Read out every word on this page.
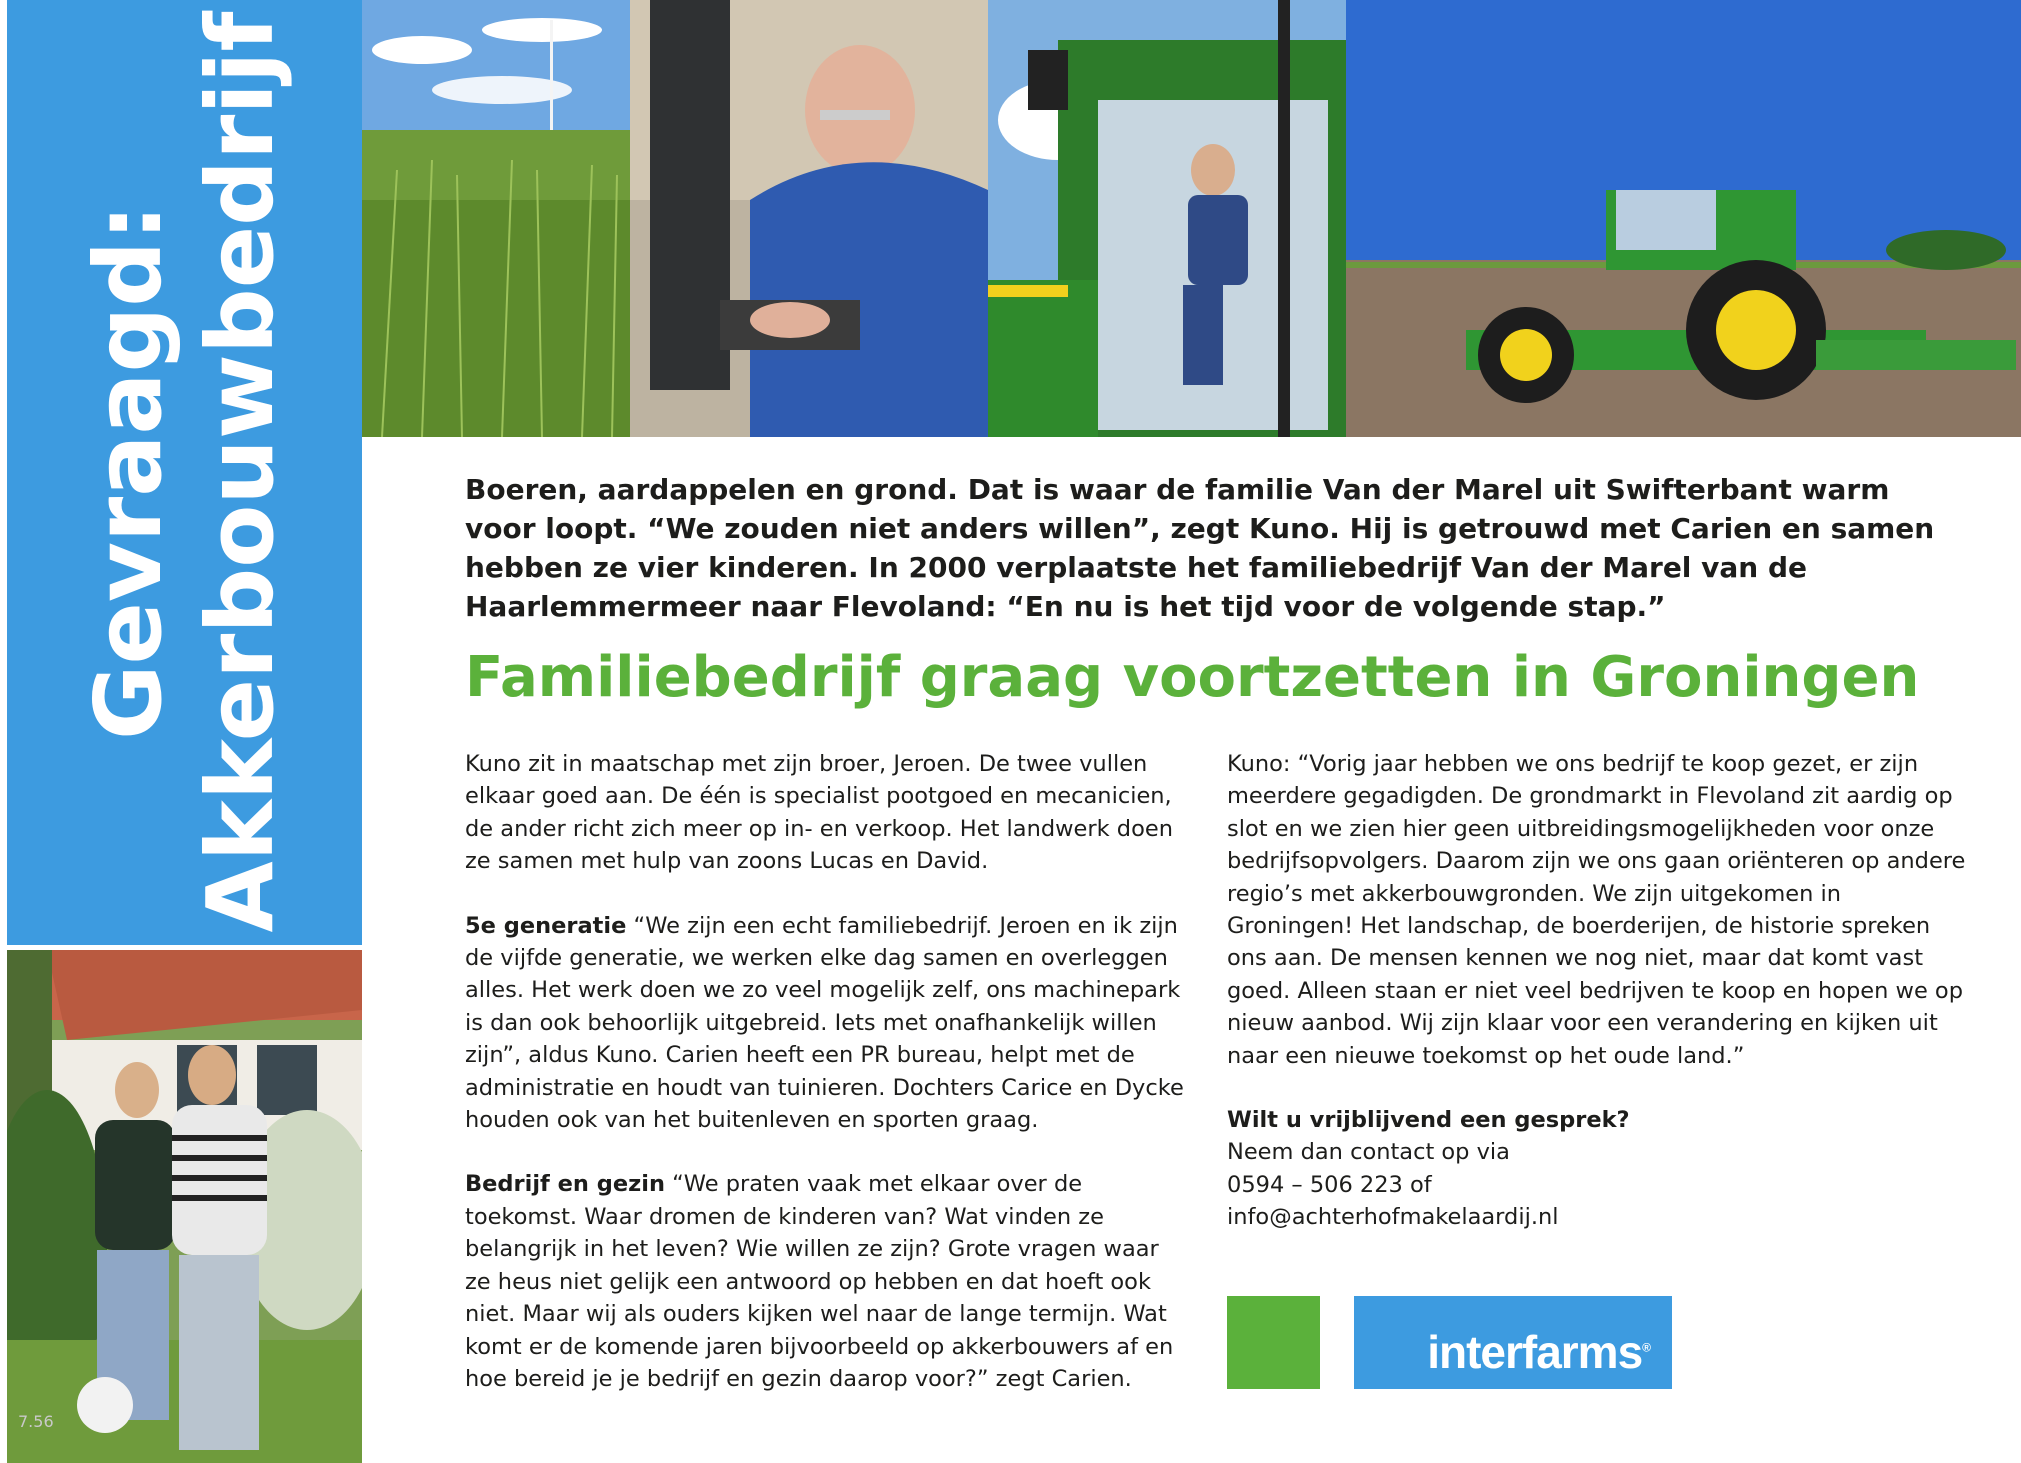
Gevraagd: Akkerbouwbedrijf
7.56
Boeren, aardappelen en grond. Dat is waar de familie Van der Marel uit Swifterbant warm voor loopt. “We zouden niet anders willen”, zegt Kuno. Hij is getrouwd met Carien en samen hebben ze vier kinderen. In 2000 verplaatste het familiebedrijf Van der Marel van de Haarlemmermeer naar Flevoland: “En nu is het tijd voor de volgende stap.”
Familiebedrijf graag voortzetten in Groningen

Kuno zit in maatschap met zijn broer, Jeroen. De twee vullen elkaar goed aan. De één is specialist pootgoed en mecanicien, de ander richt zich meer op in- en verkoop. Het landwerk doen ze samen met hulp van zoons Lucas en David.

5e generatie “We zijn een echt familiebedrijf. Jeroen en ik zijn de vijfde generatie, we werken elke dag samen en overleggen alles. Het werk doen we zo veel mogelijk zelf, ons machinepark is dan ook behoorlijk uitgebreid. Iets met onafhankelijk willen zijn”, aldus Kuno. Carien heeft een PR bureau, helpt met de administratie en houdt van tuinieren. Dochters Carice en Dycke houden ook van het buitenleven en sporten graag.

Bedrijf en gezin “We praten vaak met elkaar over de toekomst. Waar dromen de kinderen van? Wat vinden ze belangrijk in het leven? Wie willen ze zijn? Grote vragen waar ze heus niet gelijk een antwoord op hebben en dat hoeft ook niet. Maar wij als ouders kijken wel naar de lange termijn. Wat komt er de komende jaren bijvoorbeeld op akkerbouwers af en hoe bereid je je bedrijf en gezin daarop voor?” zegt Carien.

Kuno: “Vorig jaar hebben we ons bedrijf te koop gezet, er zijn meerdere gegadigden. De grondmarkt in Flevoland zit aardig op slot en we zien hier geen uitbreidingsmogelijkheden voor onze bedrijfsopvolgers. Daarom zijn we ons gaan oriënteren op andere regio’s met akkerbouwgronden. We zijn uitgekomen in Groningen! Het landschap, de boerderijen, de historie spreken ons aan. De mensen kennen we nog niet, maar dat komt vast goed. Alleen staan er niet veel bedrijven te koop en hopen we op nieuw aanbod. Wij zijn klaar voor een verandering en kijken uit naar een nieuwe toekomst op het oude land.”

Wilt u vrijblijvend een gesprek?
Neem dan contact op via
0594 – 506 223 of
info@achterhofmakelaardij.nl

interfarms®
